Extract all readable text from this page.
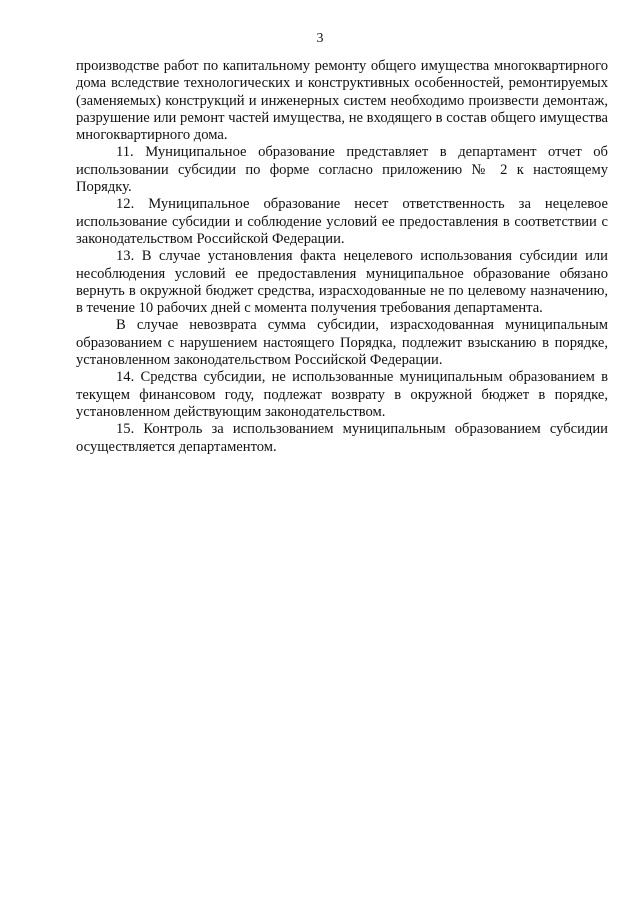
3

производстве работ по капитальному ремонту общего имущества многоквартирного дома вследствие технологических и конструктивных особенностей, ремонтируемых (заменяемых) конструкций и инженерных систем необходимо произвести демонтаж, разрушение или ремонт частей имущества, не входящего в состав общего имущества многоквартирного дома.

11. Муниципальное образование представляет в департамент отчет об использовании субсидии по форме согласно приложению № 2 к настоящему Порядку.

12. Муниципальное образование несет ответственность за нецелевое использование субсидии и соблюдение условий ее предоставления в соответствии с законодательством Российской Федерации.

13. В случае установления факта нецелевого использования субсидии или несоблюдения условий ее предоставления муниципальное образование обязано вернуть в окружной бюджет средства, израсходованные не по целевому назначению, в течение 10 рабочих дней с момента получения требования департамента.

В случае невозврата сумма субсидии, израсходованная муниципальным образованием с нарушением настоящего Порядка, подлежит взысканию в порядке, установленном законодательством Российской Федерации.

14. Средства субсидии, не использованные муниципальным образованием в текущем финансовом году, подлежат возврату в окружной бюджет в порядке, установленном действующим законодательством.

15. Контроль за использованием муниципальным образованием субсидии осуществляется департаментом.
